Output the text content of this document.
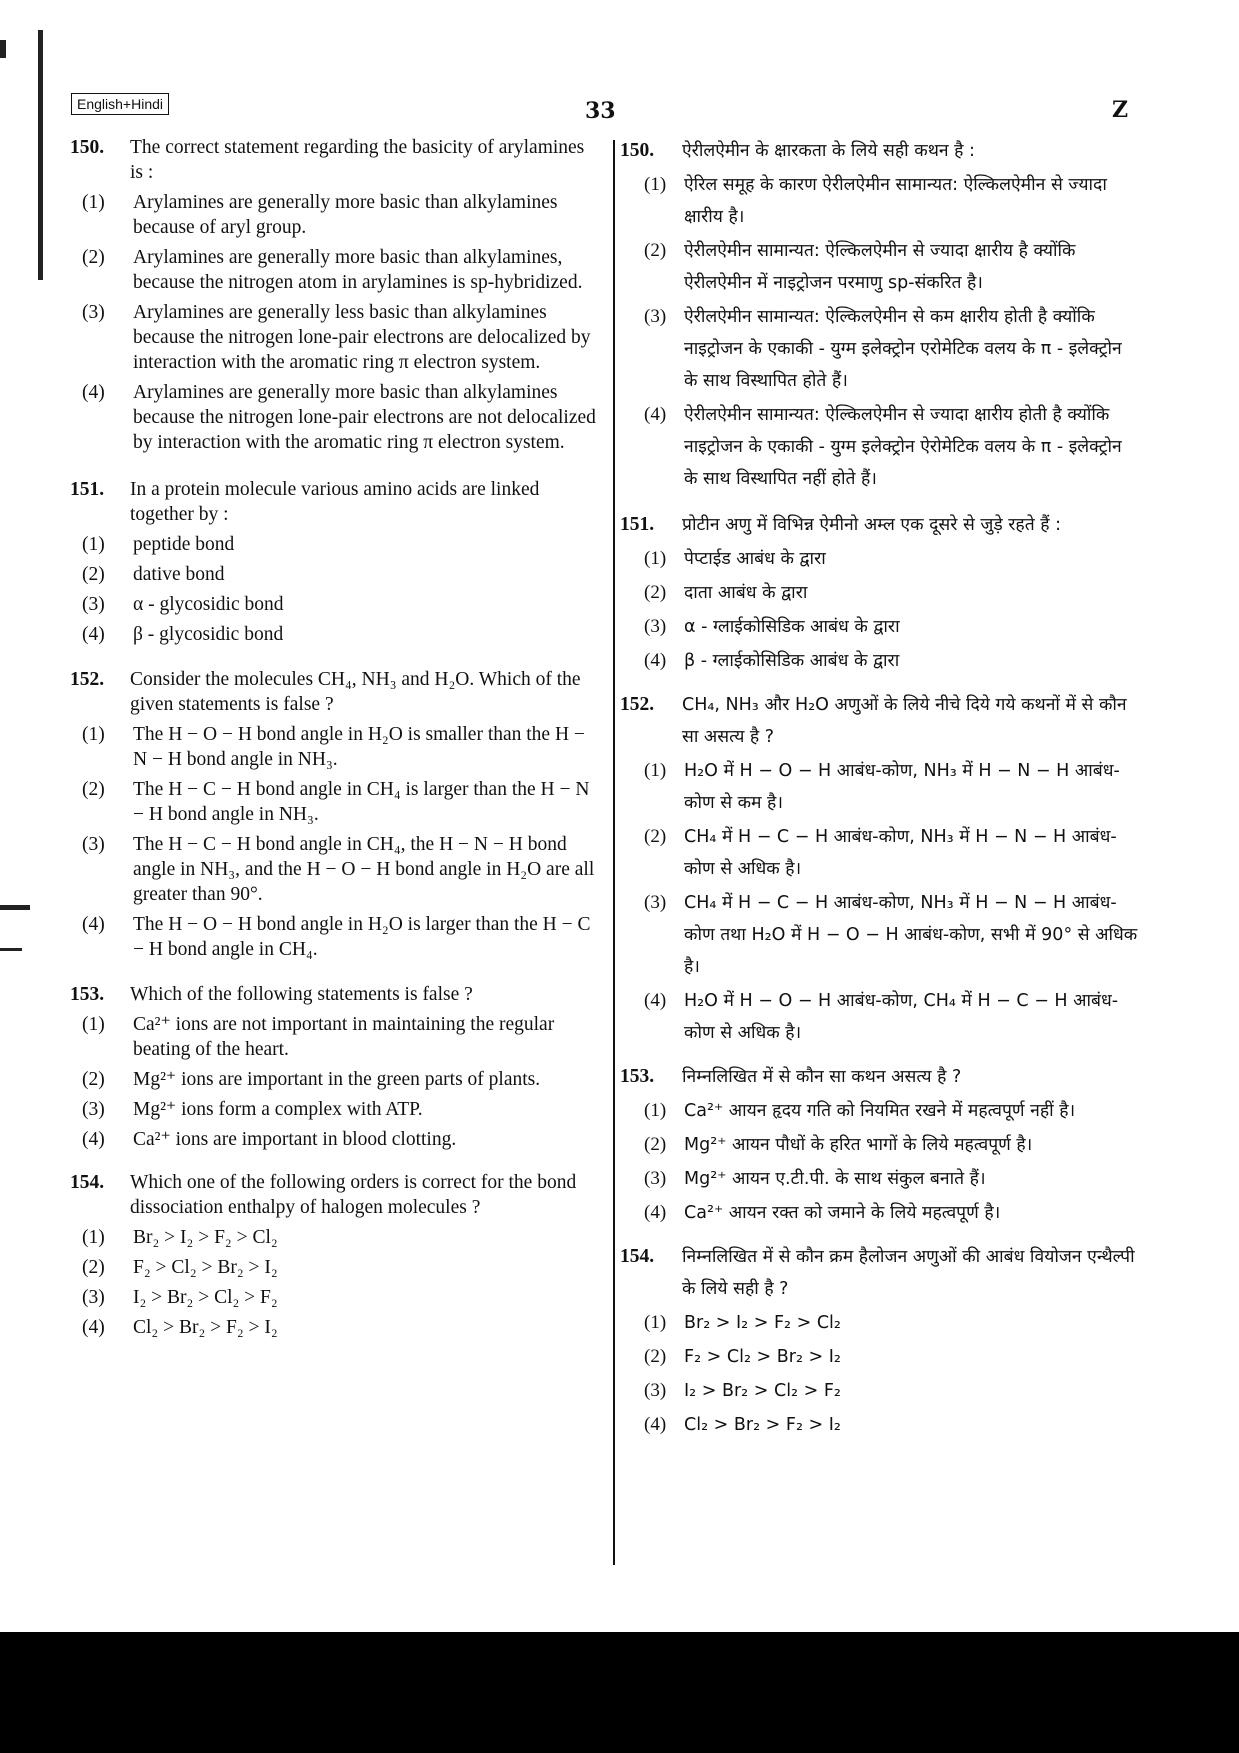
English+Hindi	33	Z
150. The correct statement regarding the basicity of arylamines is :
(1) Arylamines are generally more basic than alkylamines because of aryl group.
(2) Arylamines are generally more basic than alkylamines, because the nitrogen atom in arylamines is sp-hybridized.
(3) Arylamines are generally less basic than alkylamines because the nitrogen lone-pair electrons are delocalized by interaction with the aromatic ring π electron system.
(4) Arylamines are generally more basic than alkylamines because the nitrogen lone-pair electrons are not delocalized by interaction with the aromatic ring π electron system.
151. In a protein molecule various amino acids are linked together by :
(1) peptide bond
(2) dative bond
(3) α - glycosidic bond
(4) β - glycosidic bond
152. Consider the molecules CH₄, NH₃ and H₂O. Which of the given statements is false ?
(1) The H − O − H bond angle in H₂O is smaller than the H − N − H bond angle in NH₃.
(2) The H − C − H bond angle in CH₄ is larger than the H − N − H bond angle in NH₃.
(3) The H − C − H bond angle in CH₄, the H − N − H bond angle in NH₃, and the H − O − H bond angle in H₂O are all greater than 90°.
(4) The H − O − H bond angle in H₂O is larger than the H − C − H bond angle in CH₄.
153. Which of the following statements is false ?
(1) Ca²⁺ ions are not important in maintaining the regular beating of the heart.
(2) Mg²⁺ ions are important in the green parts of plants.
(3) Mg²⁺ ions form a complex with ATP.
(4) Ca²⁺ ions are important in blood clotting.
154. Which one of the following orders is correct for the bond dissociation enthalpy of halogen molecules ?
(1) Br₂ > I₂ > F₂ > Cl₂
(2) F₂ > Cl₂ > Br₂ > I₂
(3) I₂ > Br₂ > Cl₂ > F₂
(4) Cl₂ > Br₂ > F₂ > I₂
150. ऐरीलऐमीन के क्षारकता के लिये सही कथन है :
(1) ऐरिल समूह के कारण ऐरीलऐमीन सामान्यत: ऐल्किलऐमीन से ज्यादा क्षारीय है।
(2) ऐरीलऐमीन सामान्यत: ऐल्किलऐमीन से ज्यादा क्षारीय है क्योंकि ऐरीलऐमीन में नाइट्रोजन परमाणु sp-संकरित है।
(3) ऐरीलऐमीन सामान्यत: ऐल्किलऐमीन से कम क्षारीय होती है क्योंकि नाइट्रोजन के एकाकी - युग्म इलेक्ट्रोन एरोमेटिक वलय के π - इलेक्ट्रोन के साथ विस्थापित होते हैं।
(4) ऐरीलऐमीन सामान्यत: ऐल्किलऐमीन से ज्यादा क्षारीय होती है क्योंकि नाइट्रोजन के एकाकी - युग्म इलेक्ट्रोन ऐरोमेटिक वलय के π - इलेक्ट्रोन के साथ विस्थापित नहीं होते हैं।
151. प्रोटीन अणु में विभिन्न ऐमीनो अम्ल एक दूसरे से जुड़े रहते हैं :
(1) पेप्टाईड आबंध के द्वारा
(2) दाता आबंध के द्वारा
(3) α - ग्लाईकोसिडिक आबंध के द्वारा
(4) β - ग्लाईकोसिडिक आबंध के द्वारा
152. CH₄, NH₃ और H₂O अणुओं के लिये नीचे दिये गये कथनों में से कौन सा असत्य है ?
(1) H₂O में H − O − H आबंध-कोण, NH₃ में H − N − H आबंध-कोण से कम है।
(2) CH₄ में H − C − H आबंध-कोण, NH₃ में H − N − H आबंध-कोण से अधिक है।
(3) CH₄ में H − C − H आबंध-कोण, NH₃ में H − N − H आबंध-कोण तथा H₂O में H − O − H आबंध-कोण, सभी में 90° से अधिक है।
(4) H₂O में H − O − H आबंध-कोण, CH₄ में H − C − H आबंध-कोण से अधिक है।
153. निम्नलिखित में से कौन सा कथन असत्य है ?
(1) Ca²⁺ आयन हृदय गति को नियमित रखने में महत्वपूर्ण नहीं है।
(2) Mg²⁺ आयन पौधों के हरित भागों के लिये महत्वपूर्ण है।
(3) Mg²⁺ आयन ए.टी.पी. के साथ संकुल बनाते हैं।
(4) Ca²⁺ आयन रक्त को जमाने के लिये महत्वपूर्ण है।
154. निम्नलिखित में से कौन क्रम हैलोजन अणुओं की आबंध वियोजन एन्थैल्पी के लिये सही है ?
(1) Br₂ > I₂ > F₂ > Cl₂
(2) F₂ > Cl₂ > Br₂ > I₂
(3) I₂ > Br₂ > Cl₂ > F₂
(4) Cl₂ > Br₂ > F₂ > I₂
